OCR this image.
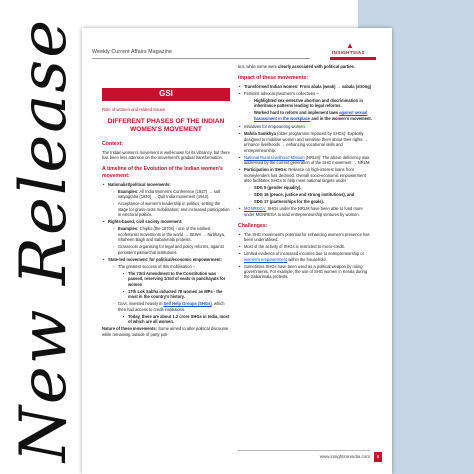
Weekly Current Affairs Magazine
▲
INSIGHTSIAS
GSI
Role of women and related issues
DIFFERENT PHASES OF THE INDIAN WOMEN'S MOVEMENT
Context:

The Indian women's movement is well-known for its vibrancy, but there has been less attention on the movement's gradual transformation.

A timeline of the Evolution of the Indian women's movement:
• Nationalist/political movements:
◦ Examples: All India Women's Conference (1927) → salt satyagraha (1930) → Quit India movement (1942).
◦ Acceptance of women's leadership in politics, setting the stage for grass-roots mobilisation; and increased participation in electoral politics.
• Rights-based, civil society movement:
◦ Examples: Chipko (the 1970s) - one of the earliest ecofeminist movements in the world → SEWA → Nirbhaya, Shaheen Bagh and Sabarimala protests.
◦ Grassroots organising for legal and policy reforms, against persistent patriarchal institutions.
• State-led movement: for political/economic empowerment:
◦ The greatest success of this mobilisation –
▪ The 73rd Amendment to the Constitution was passed, reserving 1/3rd of seats in panchayats for women
▪ 17th Lok Sabha inducted 78 women as MPs - the most in the country's history.
◦ Govt. invested heavily in Self Help Groups (SHGs), which then had access to credit institutions.
▪ Today, there are about 1.2 crore SHGs in India, most of which are all women.

Nature of these movements: Some aimed to alter political discourse while remaining outside of party poli-

tics, while some were clearly associated with political parties.

Impact of these movements:
• Transformed Indian women: From abala (weak) → sabala (strong)
• Feminist advocacy/women's collectives –
◦ Highlighted sex-selective abortion and discrimination in inheritance patterns leading to legal reforms.
◦ Worked hard to reform and implement laws against sexual harassment in the workplace and in the women's movement.
• Initiatives for empowering women:
• Mahila Samkhya (older programme replaced by SHGs): Explicitly designed to mobilise women and sensitise them about their rights → enhance livelihoods → enhancing vocational skills and entrepreneurship.
• National Rural Livelihood Mission (NRLM): The above deficiency was addressed by the current generation of the SHG movement → NRLM.
• Participation in SHGs: Reliance on high-interest loans from moneylenders has declined. Overall socio-economic empowerment also facilitates SHGs to help meet national targets under
◦ SDG 5 (gender equality),
◦ SDG 16 (peace, justice and strong institutions), and
◦ SDG 17 (partnerships for the goals).
• MGNREGA: SHGs under the NRLM have been able to fund more under MGNREGA to lead entrepreneurship ventures by women.
Challenges:
• The SHG movement's potential for enhancing women's presence has been underutilised.
• Most of the activity of SHGs is restricted to micro-credit.
• Limited evidence of increased incomes due to entrepreneurship or women's empowerment within the household.
• Sometimes SHGs have been used as a political weapon by ruling governments. For example, the use of SHG women in Kerala during the Sabarimala protests.
www.insightsonindia.com	5
New Release
